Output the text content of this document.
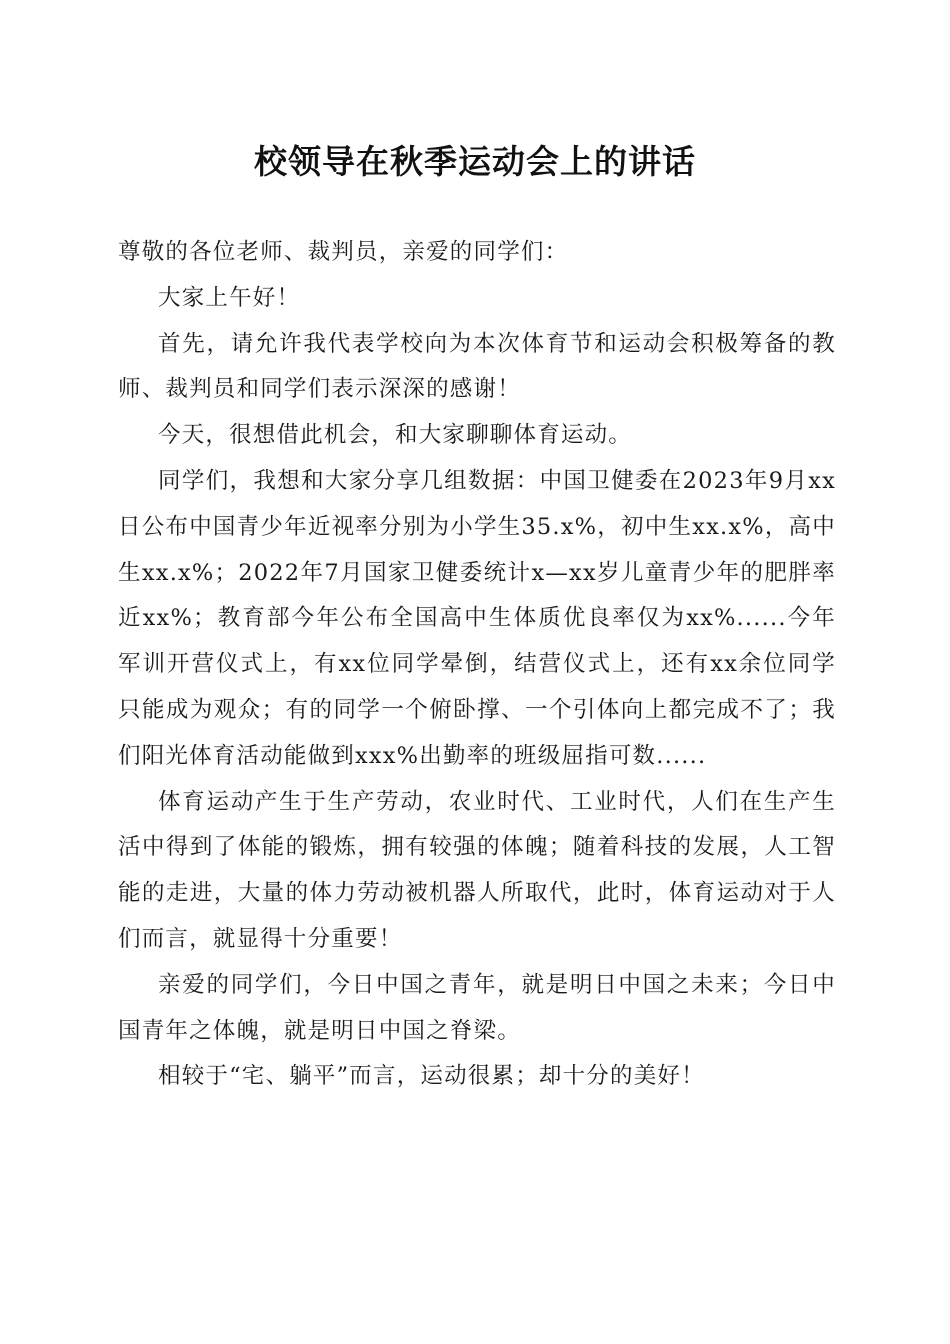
校领导在秋季运动会上的讲话

尊敬的各位老师、裁判员，亲爱的同学们：

大家上午好！

首先，请允许我代表学校向为本次体育节和运动会积极筹备的教师、裁判员和同学们表示深深的感谢！

今天，很想借此机会，和大家聊聊体育运动。

同学们，我想和大家分享几组数据：中国卫健委在2023年9月xx日公布中国青少年近视率分别为小学生35.x%，初中生xx.x%，高中生xx.x%；2022年7月国家卫健委统计x—xx岁儿童青少年的肥胖率近xx%；教育部今年公布全国高中生体质优良率仅为xx%......今年军训开营仪式上，有xx位同学晕倒，结营仪式上，还有xx余位同学只能成为观众；有的同学一个俯卧撑、一个引体向上都完成不了；我们阳光体育活动能做到xxx%出勤率的班级屈指可数......

体育运动产生于生产劳动，农业时代、工业时代，人们在生产生活中得到了体能的锻炼，拥有较强的体魄；随着科技的发展，人工智能的走进，大量的体力劳动被机器人所取代，此时，体育运动对于人们而言，就显得十分重要！

亲爱的同学们，今日中国之青年，就是明日中国之未来；今日中国青年之体魄，就是明日中国之脊梁。

相较于“宅、躺平”而言，运动很累；却十分的美好！
